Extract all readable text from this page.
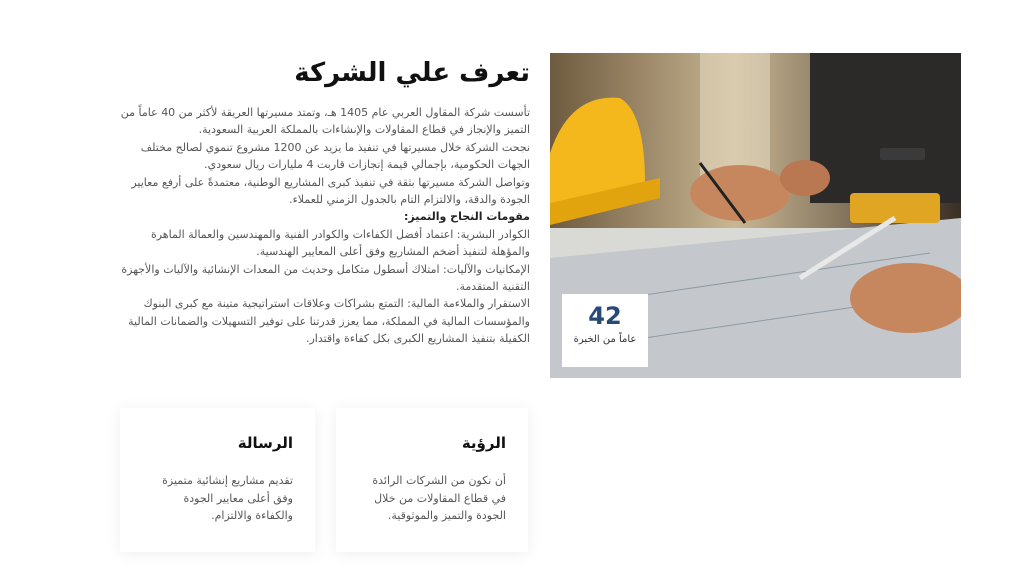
تعرف علي الشركة

تأسست شركة المقاول العربي عام 1405 هـ، وتمتد مسيرتها العريقة لأكثر من 40 عاماً من التميز والإنجاز في قطاع المقاولات والإنشاءات بالمملكة العربية السعودية.

نجحت الشركة خلال مسيرتها في تنفيذ ما يزيد عن 1200 مشروع تنموي لصالح مختلف الجهات الحكومية، بإجمالي قيمة إنجازات قاربت 4 مليارات ريال سعودي.

وتواصل الشركة مسيرتها بثقة في تنفيذ كبرى المشاريع الوطنية، معتمدةً على أرفع معايير الجودة والدقة، والالتزام التام بالجدول الزمني للعملاء.

مقومات النجاح والتميز:

الكوادر البشرية: اعتماد أفضل الكفاءات والكوادر الفنية والمهندسين والعمالة الماهرة والمؤهلة لتنفيذ أضخم المشاريع وفق أعلى المعايير الهندسية.

الإمكانيات والآليات: امتلاك أسطول متكامل وحديث من المعدات الإنشائية والآليات والأجهزة التقنية المتقدمة.

الاستقرار والملاءمة المالية: التمتع بشراكات وعلاقات استراتيجية متينة مع كبرى البنوك والمؤسسات المالية في المملكة، مما يعزز قدرتنا على توفير التسهيلات والضمانات المالية الكفيلة بتنفيذ المشاريع الكبرى بكل كفاءة واقتدار.

42
عاماً من الخبرة
الرؤية

أن نكون من الشركات الرائدة في قطاع المقاولات من خلال الجودة والتميز والموثوقية.

الرسالة

تقديم مشاريع إنشائية متميزة وفق أعلى معايير الجودة والكفاءة والالتزام.
